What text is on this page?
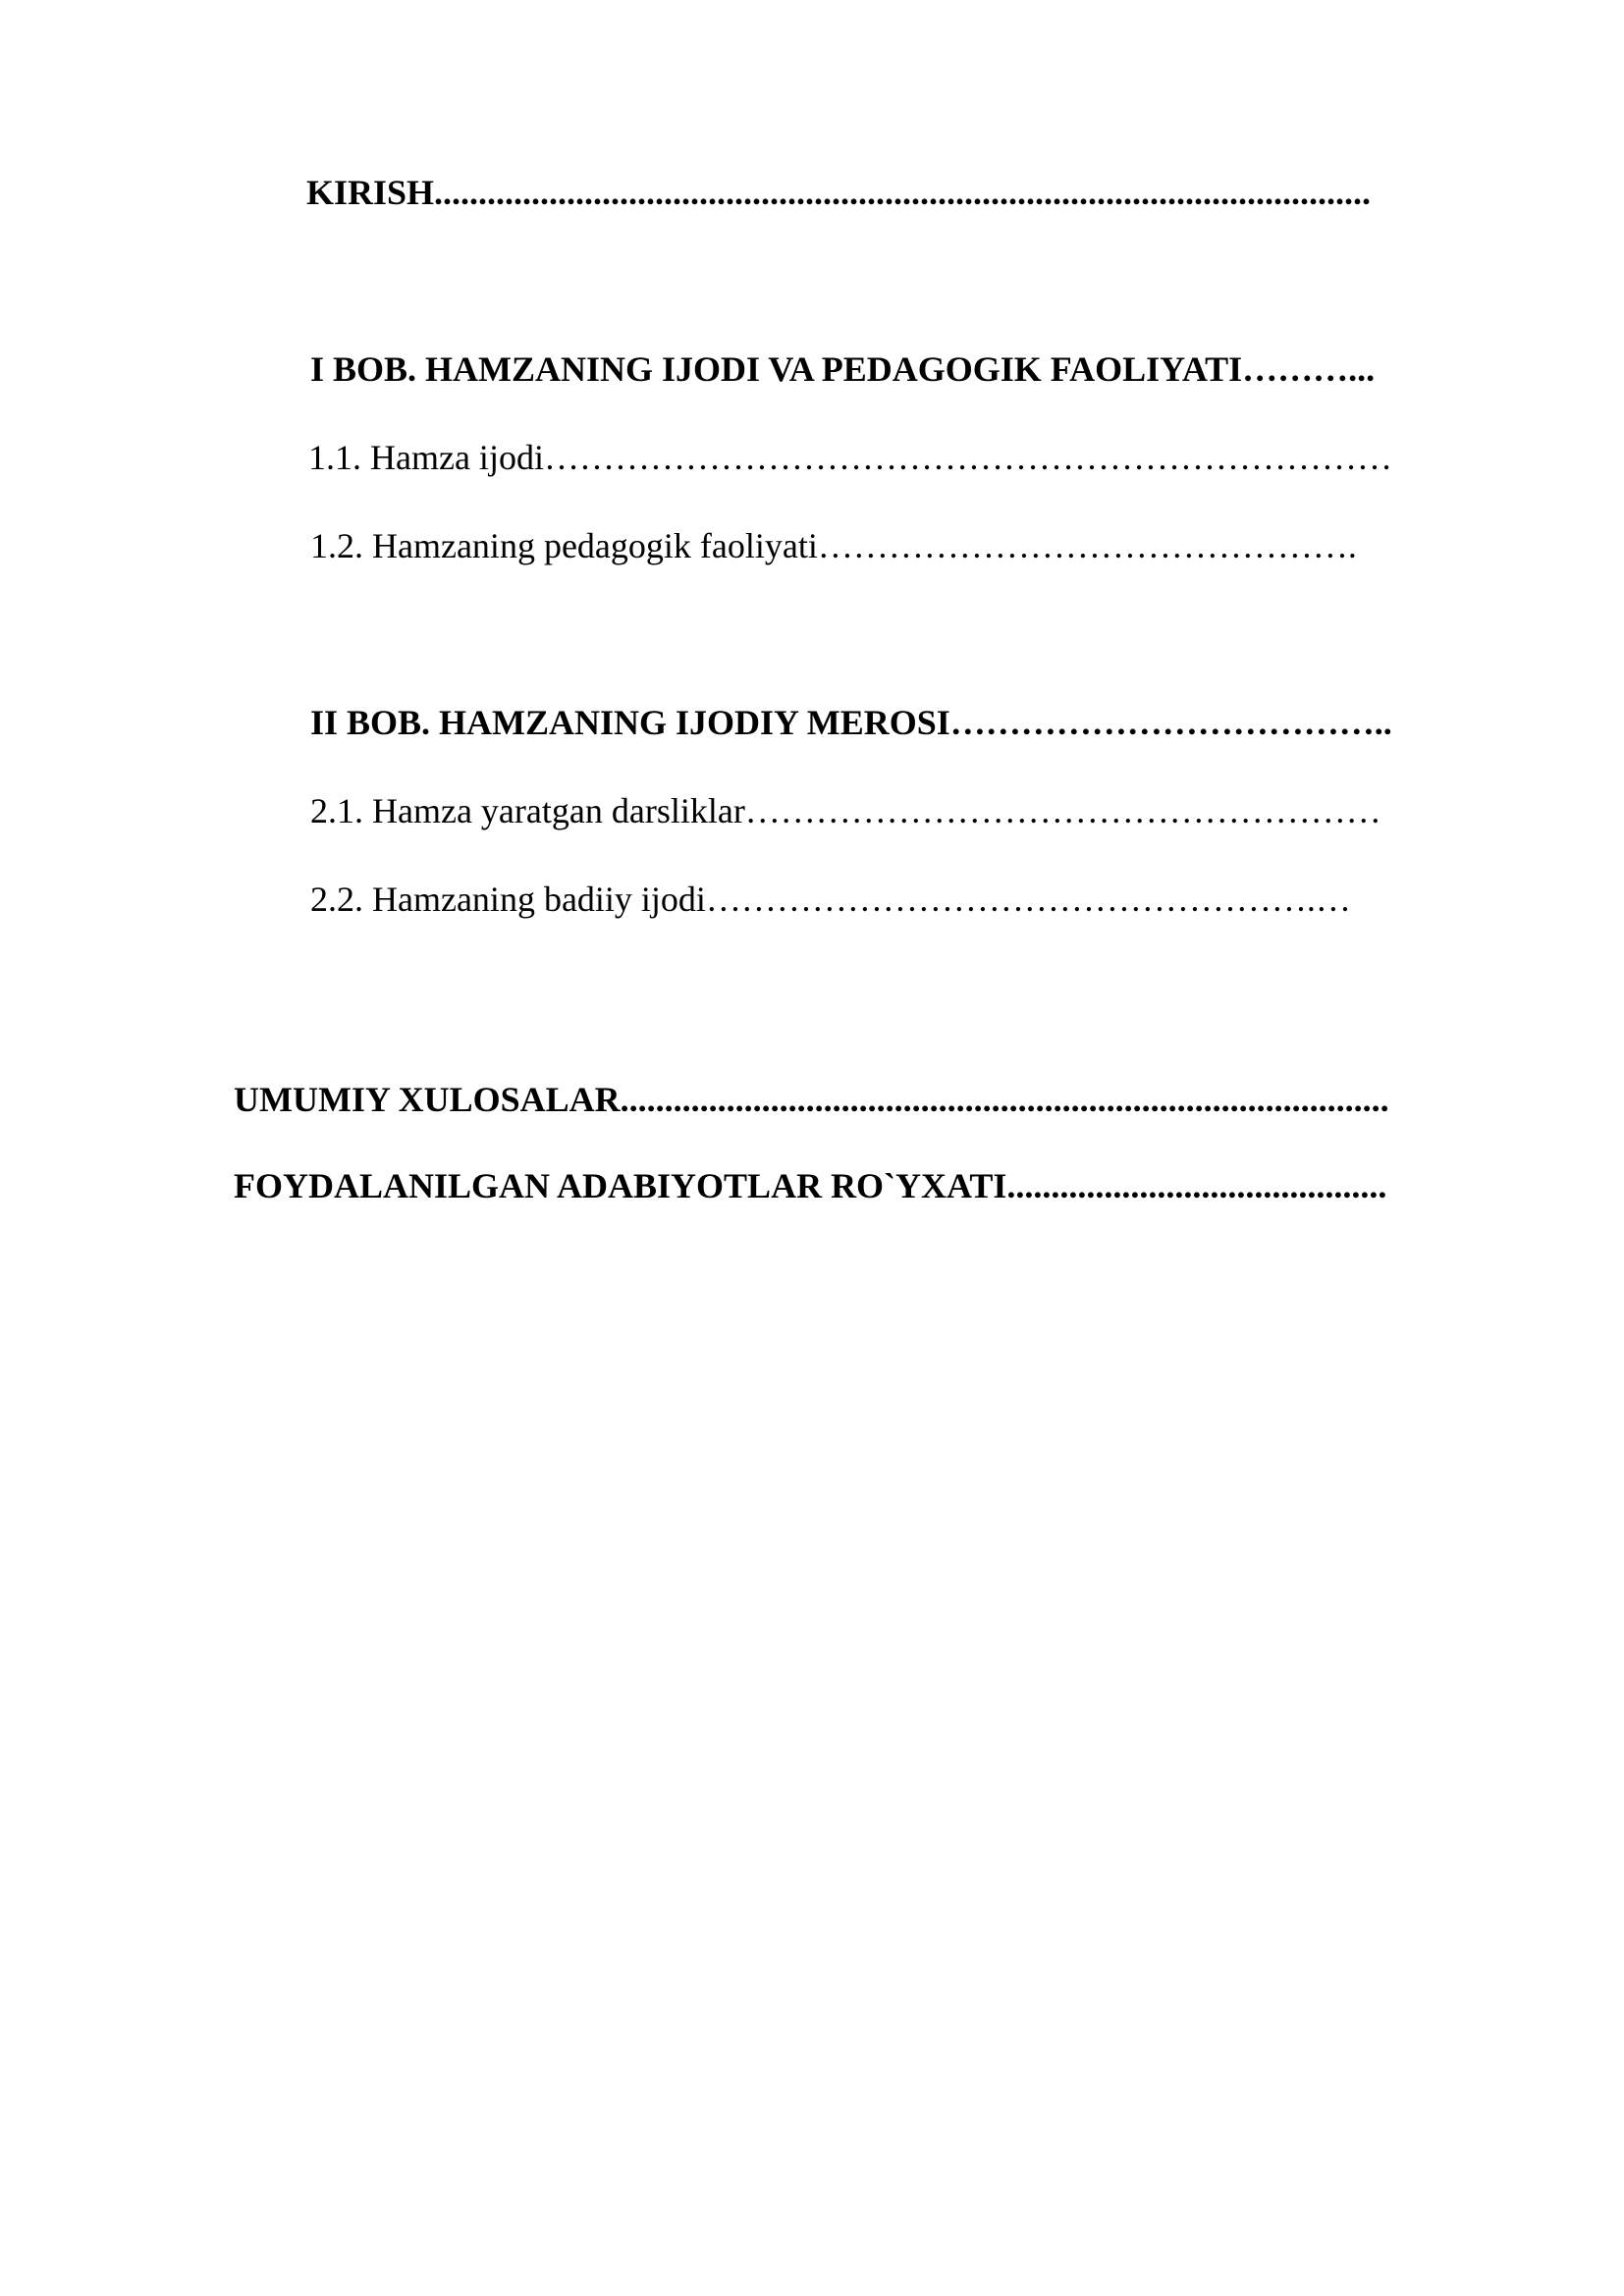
KIRISH..........................................................................................................

I BOB. HAMZANING IJODI VA PEDAGOGIK FAOLIYATI………...

1.1. Hamza ijodi………………………………………………………………

1.2. Hamzaning pedagogik faoliyati……………………………………….

II BOB. HAMZANING IJODIY MEROSI………………………………..

2.1. Hamza yaratgan darsliklar………………………………………………

2.2. Hamzaning badiiy ijodi…………………………………………….…

UMUMIY XULOSALAR.......................................................................................

FOYDALANILGAN ADABIYOTLAR RO`YXATI...........................................
